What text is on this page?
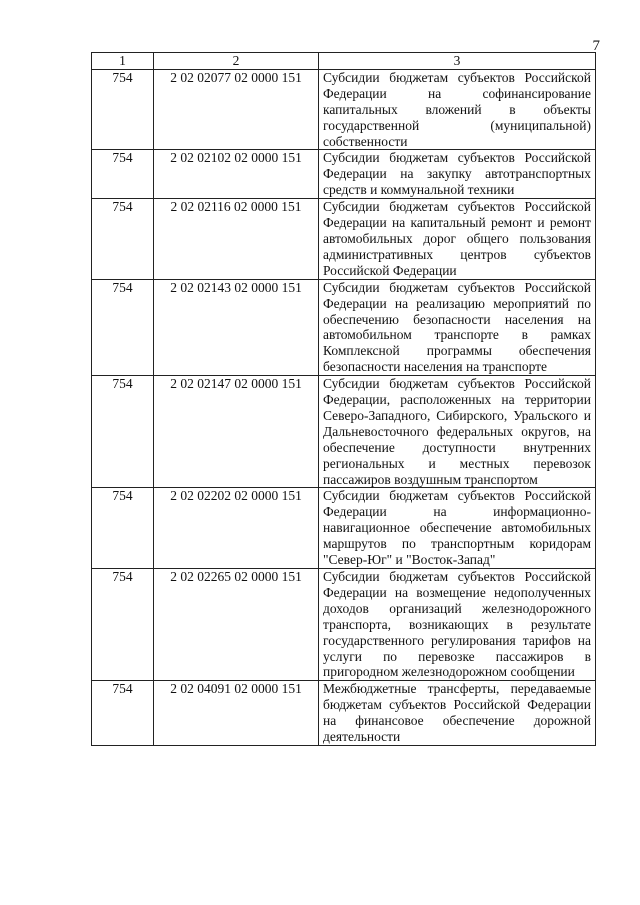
7
1	2	3
754	2 02 02077 02 0000 151	Субсидии бюджетам субъектов Российской Федерации на софинансирование капитальных вложений в объекты государственной (муниципальной) собственности
754	2 02 02102 02 0000 151	Субсидии бюджетам субъектов Российской Федерации на закупку автотранспортных средств и коммунальной техники
754	2 02 02116 02 0000 151	Субсидии бюджетам субъектов Российской Федерации на капитальный ремонт и ремонт автомобильных дорог общего пользования административных центров субъектов Российской Федерации
754	2 02 02143 02 0000 151	Субсидии бюджетам субъектов Российской Федерации на реализацию мероприятий по обеспечению безопасности населения на автомобильном транспорте в рамках Комплексной программы обеспечения безопасности населения на транспорте
754	2 02 02147 02 0000 151	Субсидии бюджетам субъектов Российской Федерации, расположенных на территории Северо-Западного, Сибирского, Уральского и Дальневосточного федеральных округов, на обеспечение доступности внутренних региональных и местных перевозок пассажиров воздушным транспортом
754	2 02 02202 02 0000 151	Субсидии бюджетам субъектов Российской Федерации на информационно-навигационное обеспечение автомобильных маршрутов по транспортным коридорам "Север-Юг" и "Восток-Запад"
754	2 02 02265 02 0000 151	Субсидии бюджетам субъектов Российской Федерации на возмещение недополученных доходов организаций железнодорожного транспорта, возникающих в результате государственного регулирования тарифов на услуги по перевозке пассажиров в пригородном железнодорожном сообщении
754	2 02 04091 02 0000 151	Межбюджетные трансферты, передаваемые бюджетам субъектов Российской Федерации на финансовое обеспечение дорожной деятельности
